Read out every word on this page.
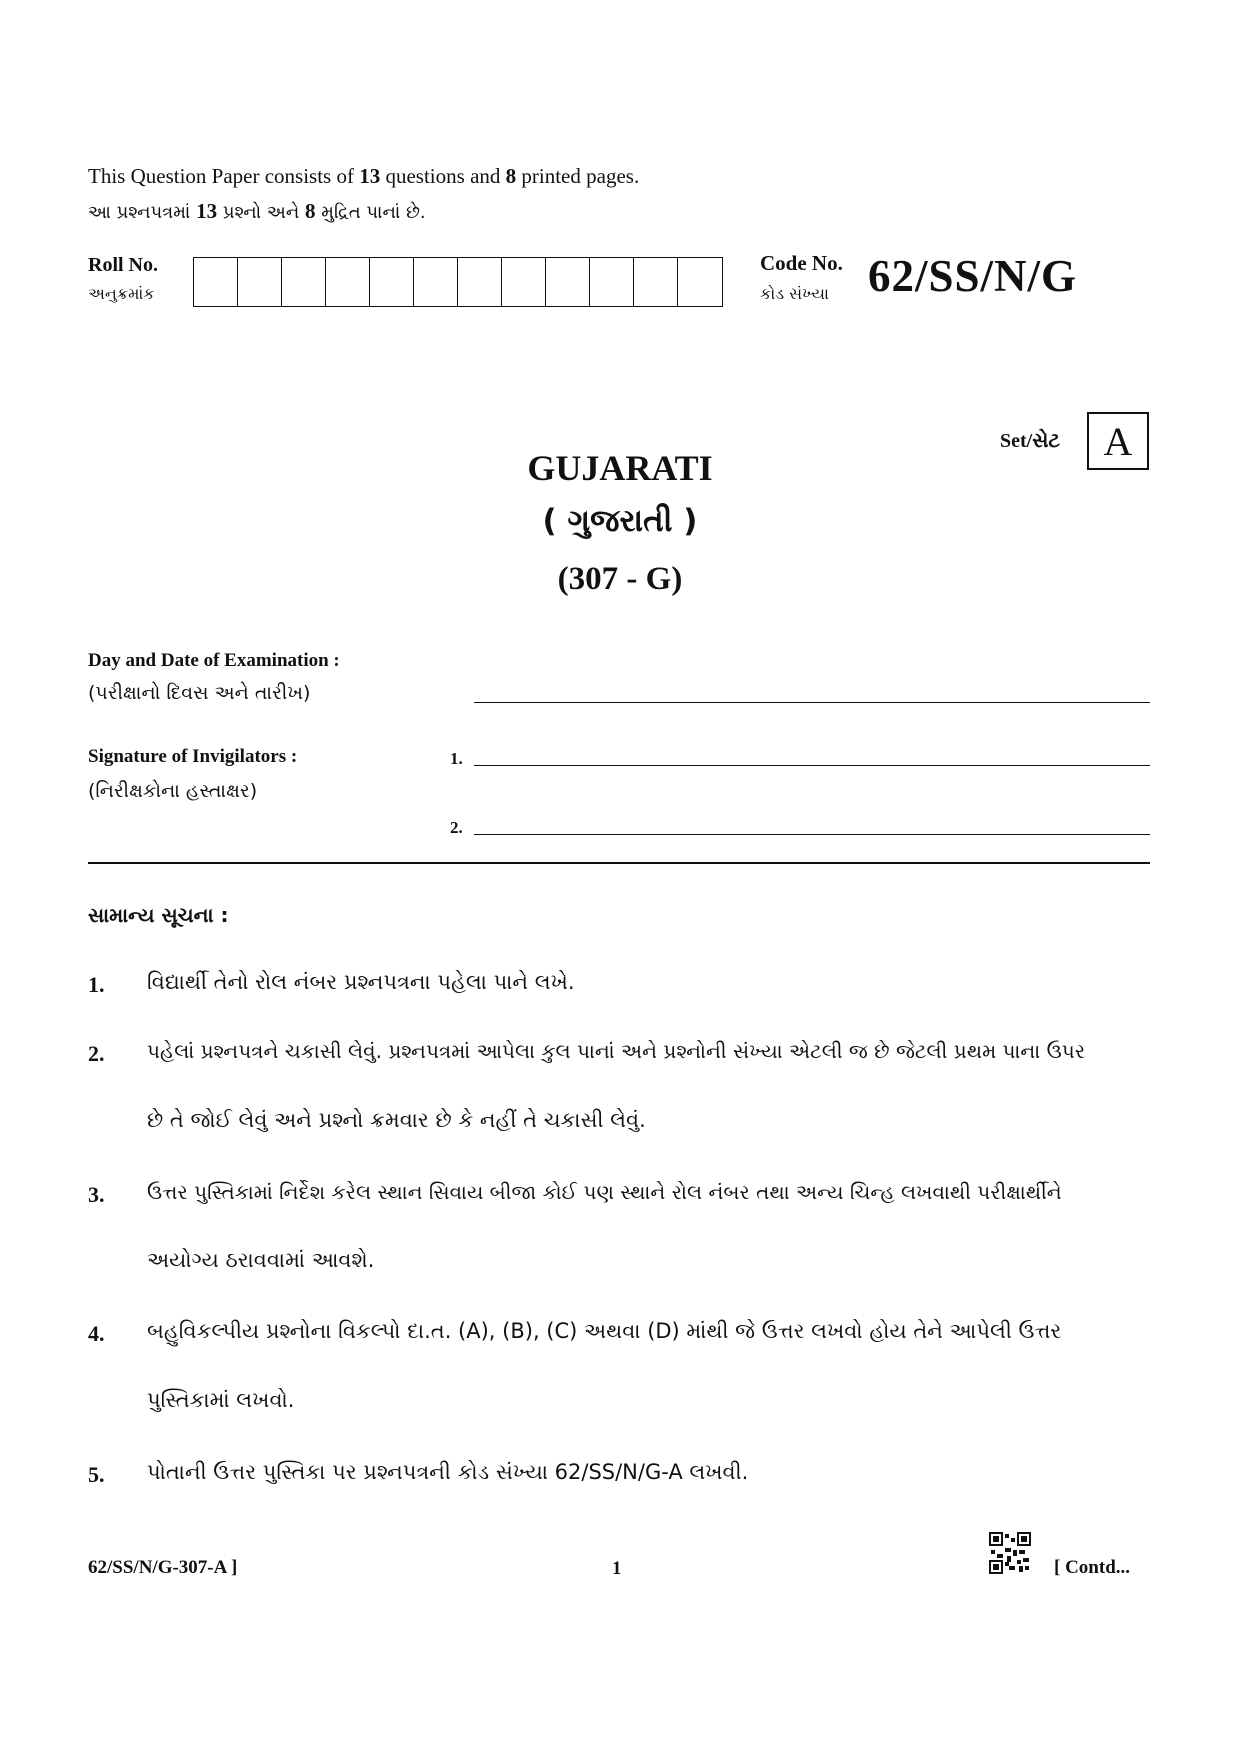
This Question Paper consists of 13 questions and 8 printed pages.
આ પ્રશ્નપત્રમાં 13 પ્રશ્નો અને 8 મુદ્રિત પાનાં છે.
Roll No.
અનુક્રમાંક
Code No.
કોડ સંખ્યા 62/SS/N/G
Set/સેટ	A
GUJARATI
( ગુજરાતી )
(307 - G)
Day and Date of Examination :
(પરીક્ષાનો દિવસ અને તારીખ)
Signature of Invigilators :
(નિરીક્ષકોના હસ્તાક્ષર)
1.
2.
સામાન્ય સૂચના :
1. વિદ્યાર્થી તેનો રોલ નંબર પ્રશ્નપત્રના પહેલા પાને લખે.
2. પહેલાં પ્રશ્નપત્રને ચકાસી લેવું. પ્રશ્નપત્રમાં આપેલા કુલ પાનાં અને પ્રશ્નોની સંખ્યા એટલી જ છે જેટલી પ્રથમ પાના ઉપર
છે તે જોઈ લેવું અને પ્રશ્નો ક્રમવાર છે કે નહીં તે ચકાસી લેવું.
3. ઉત્તર પુસ્તિકામાં નિર્દેશ કરેલ સ્થાન સિવાય બીજા કોઈ પણ સ્થાને રોલ નંબર તથા અન્ય ચિન્હ લખવાથી પરીક્ષાર્થીને
અયોગ્ય ઠરાવવામાં આવશે.
4. બહુવિકલ્પીય પ્રશ્નોના વિકલ્પો દા.ત. (A), (B), (C) અથવા (D) માંથી જે ઉત્તર લખવો હોય તેને આપેલી ઉત્તર
પુસ્તિકામાં લખવો.
5. પોતાની ઉત્તર પુસ્તિકા પર પ્રશ્નપત્રની કોડ સંખ્યા 62/SS/N/G-A લખવી.
62/SS/N/G-307-A ]	1	[ Contd...
